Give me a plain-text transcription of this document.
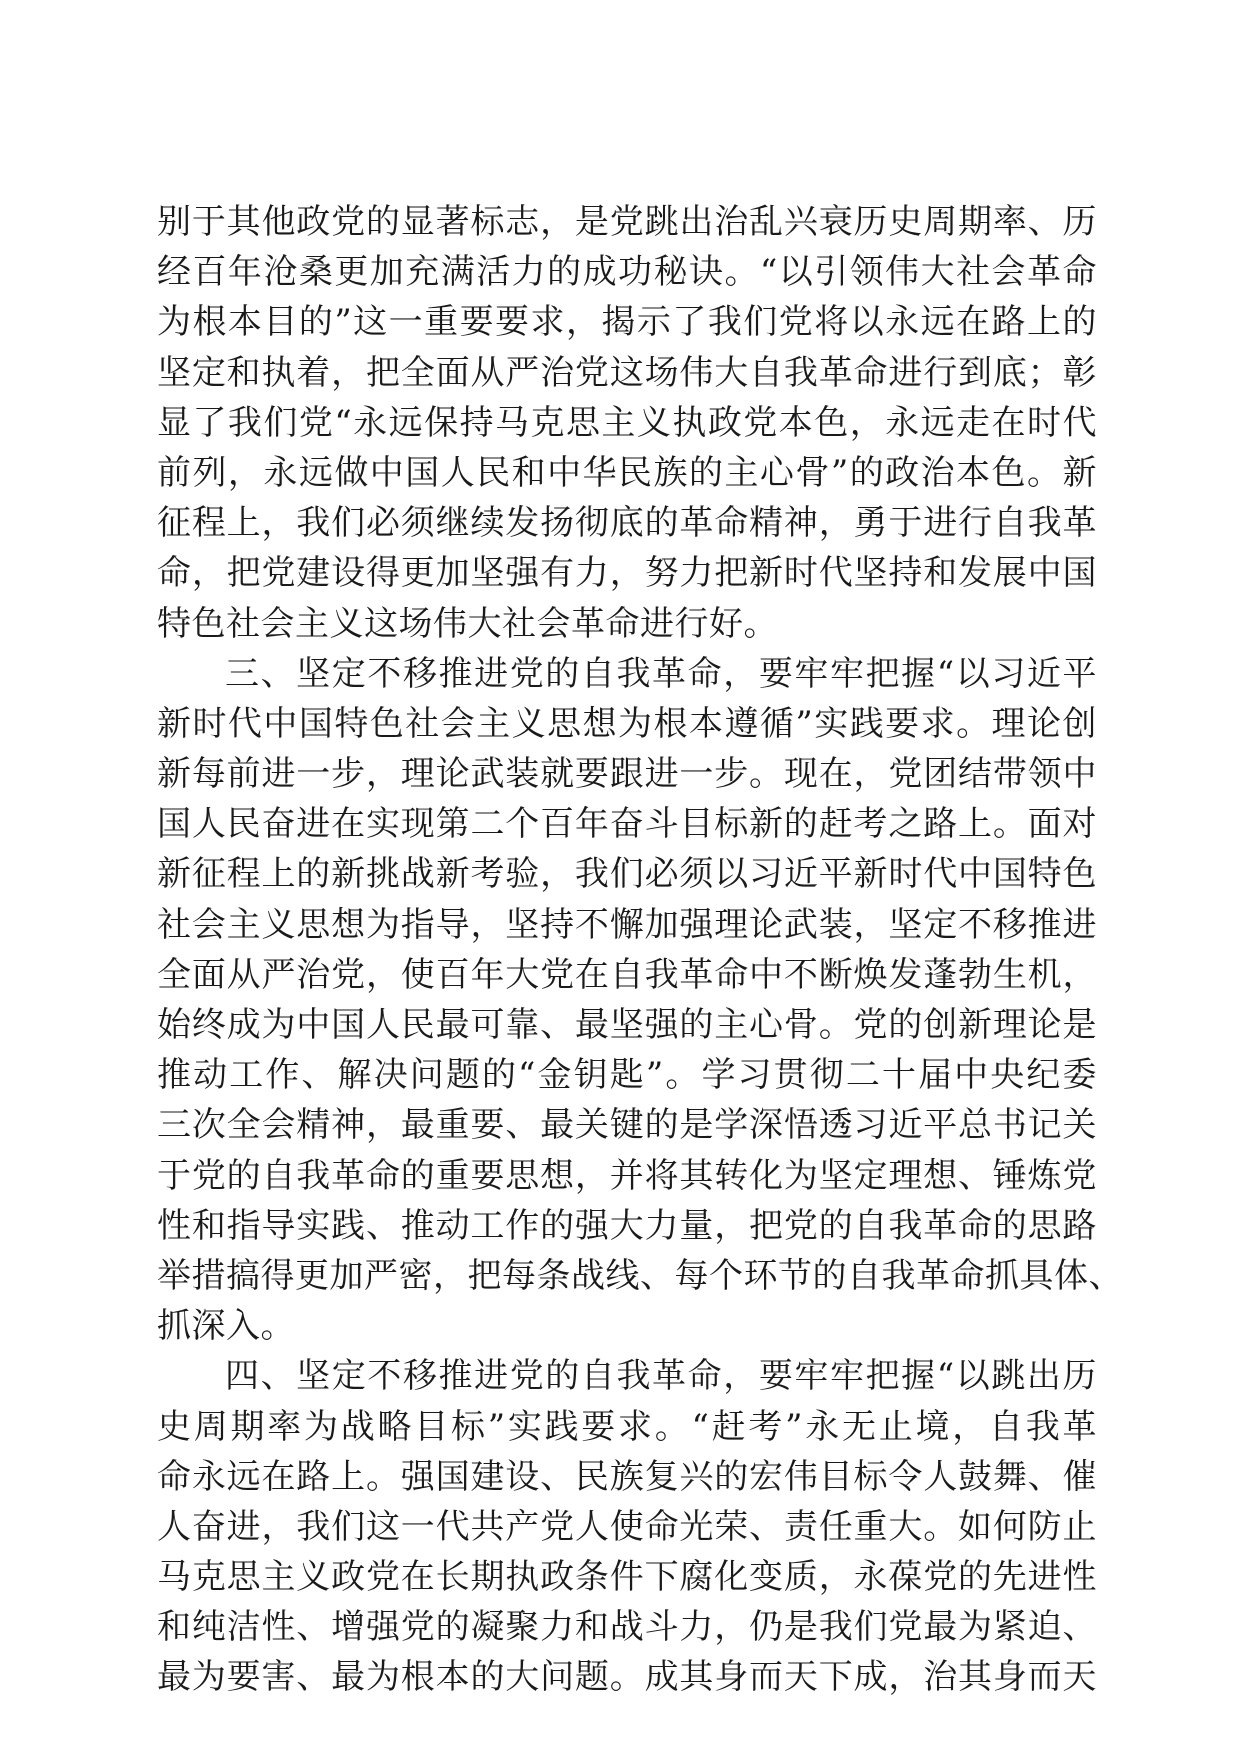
别于其他政党的显著标志，是党跳出治乱兴衰历史周期率、历
经百年沧桑更加充满活力的成功秘诀。“以引领伟大社会革命
为根本目的”这一重要要求，揭示了我们党将以永远在路上的
坚定和执着，把全面从严治党这场伟大自我革命进行到底；彰
显了我们党“永远保持马克思主义执政党本色，永远走在时代
前列，永远做中国人民和中华民族的主心骨”的政治本色。新
征程上，我们必须继续发扬彻底的革命精神，勇于进行自我革
命，把党建设得更加坚强有力，努力把新时代坚持和发展中国
特色社会主义这场伟大社会革命进行好。
三、坚定不移推进党的自我革命，要牢牢把握“以习近平
新时代中国特色社会主义思想为根本遵循”实践要求。理论创
新每前进一步，理论武装就要跟进一步。现在，党团结带领中
国人民奋进在实现第二个百年奋斗目标新的赶考之路上。面对
新征程上的新挑战新考验，我们必须以习近平新时代中国特色
社会主义思想为指导，坚持不懈加强理论武装，坚定不移推进
全面从严治党，使百年大党在自我革命中不断焕发蓬勃生机，
始终成为中国人民最可靠、最坚强的主心骨。党的创新理论是
推动工作、解决问题的“金钥匙”。学习贯彻二十届中央纪委
三次全会精神，最重要、最关键的是学深悟透习近平总书记关
于党的自我革命的重要思想，并将其转化为坚定理想、锤炼党
性和指导实践、推动工作的强大力量，把党的自我革命的思路
举措搞得更加严密，把每条战线、每个环节的自我革命抓具体、
抓深入。
四、坚定不移推进党的自我革命，要牢牢把握“以跳出历
史周期率为战略目标”实践要求。“赶考”永无止境，自我革
命永远在路上。强国建设、民族复兴的宏伟目标令人鼓舞、催
人奋进，我们这一代共产党人使命光荣、责任重大。如何防止
马克思主义政党在长期执政条件下腐化变质，永葆党的先进性
和纯洁性、增强党的凝聚力和战斗力，仍是我们党最为紧迫、
最为要害、最为根本的大问题。成其身而天下成，治其身而天
